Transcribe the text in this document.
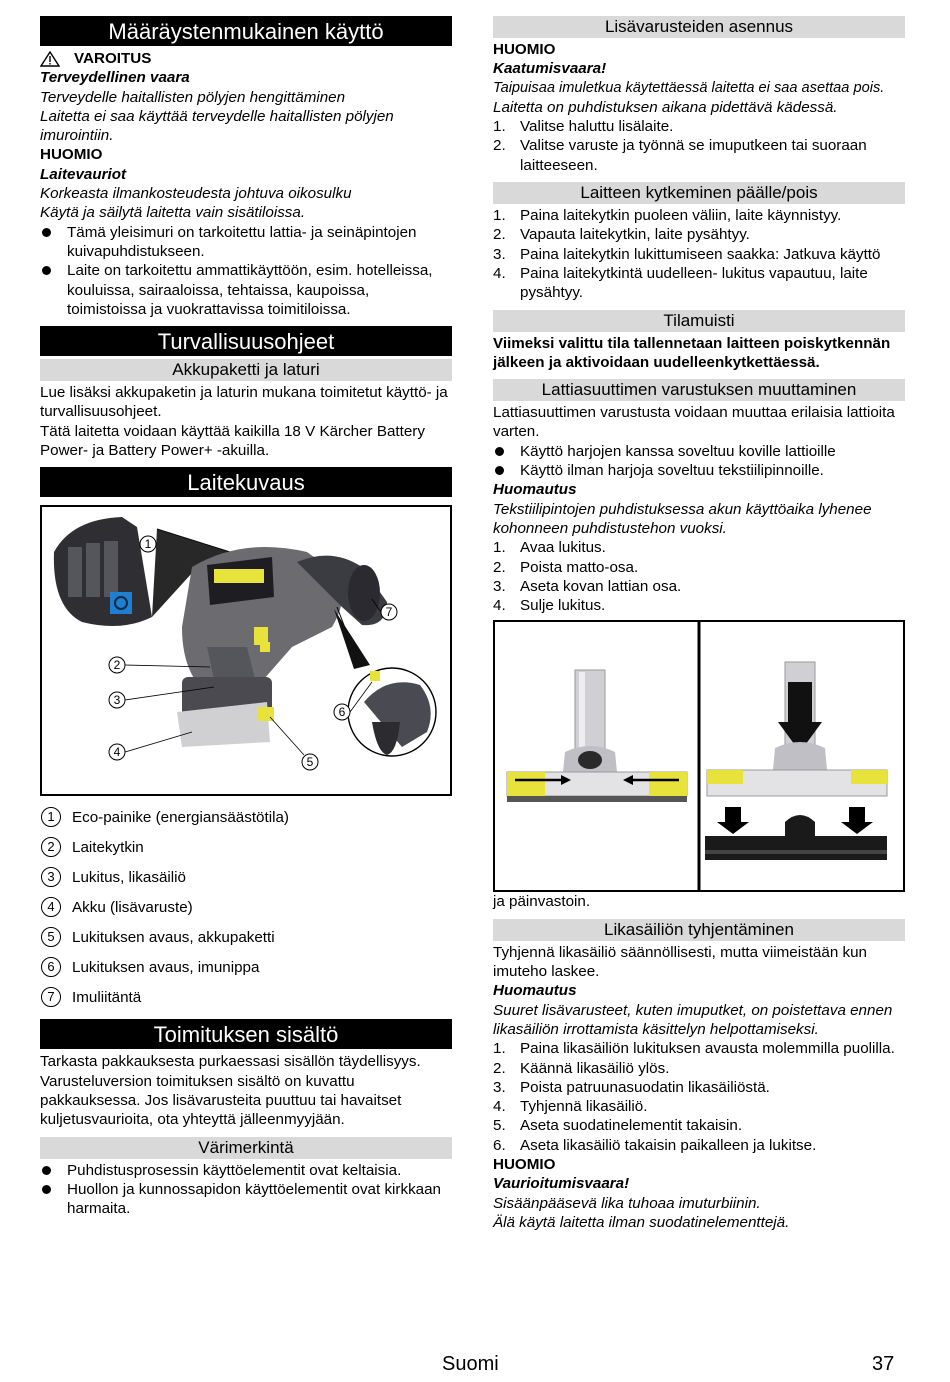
Määräystenmukainen käyttö
VAROITUS

Terveydellinen vaara

Terveydelle haitallisten pölyjen hengittäminen

Laitetta ei saa käyttää terveydelle haitallisten pölyjen imurointiin.

HUOMIO

Laitevauriot

Korkeasta ilmankosteudesta johtuva oikosulku

Käytä ja säilytä laitetta vain sisätiloissa.

Tämä yleisimuri on tarkoitettu lattia- ja seinäpintojen kuivapuhdistukseen.

Laite on tarkoitettu ammattikäyttöön, esim. hotelleissa, kouluissa, sairaaloissa, tehtaissa, kaupoissa, toimistoissa ja vuokrattavissa toimitiloissa.

Turvallisuusohjeet
Akkupaketti ja laturi

Lue lisäksi akkupaketin ja laturin mukana toimitetut käyttö- ja turvallisuusohjeet.

Tätä laitetta voidaan käyttää kaikilla 18 V Kärcher Battery Power- ja Battery Power+ -akuilla.

Laitekuvaus
1
2
3
4
5
6
7
1	Eco-painike (energiansäästötila)
2	Laitekytkin
3	Lukitus, likasäiliö
4	Akku (lisävaruste)
5	Lukituksen avaus, akkupaketti
6	Lukituksen avaus, imunippa
7	Imuliitäntä
Toimituksen sisältö

Tarkasta pakkauksesta purkaessasi sisällön täydellisyys. Varusteluversion toimituksen sisältö on kuvattu pakkauksessa. Jos lisävarusteita puuttuu tai havaitset kuljetusvaurioita, ota yhteyttä jälleenmyyjään.

Värimerkintä

Puhdistusprosessin käyttöelementit ovat keltaisia.

Huollon ja kunnossapidon käyttöelementit ovat kirkkaan harmaita.

Lisävarusteiden asennus

HUOMIO

Kaatumisvaara!

Taipuisaa imuletkua käytettäessä laitetta ei saa asettaa pois.

Laitetta on puhdistuksen aikana pidettävä kädessä.

1. Valitse haluttu lisälaite.

2. Valitse varuste ja työnnä se imuputkeen tai suoraan laitteeseen.

Laitteen kytkeminen päälle/pois

1. Paina laitekytkin puoleen väliin, laite käynnistyy.

2. Vapauta laitekytkin, laite pysähtyy.

3. Paina laitekytkin lukittumiseen saakka: Jatkuva käyttö

4. Paina laitekytkintä uudelleen- lukitus vapautuu, laite pysähtyy.

Tilamuisti

Viimeksi valittu tila tallennetaan laitteen poiskytkennän jälkeen ja aktivoidaan uudelleenkytkettäessä.

Lattiasuuttimen varustuksen muuttaminen

Lattiasuuttimen varustusta voidaan muuttaa erilaisia lattioita varten.

Käyttö harjojen kanssa soveltuu koville lattioille

Käyttö ilman harjoja soveltuu tekstiilipinnoille.

Huomautus

Tekstiilipintojen puhdistuksessa akun käyttöaika lyhenee kohonneen puhdistustehon vuoksi.

1. Avaa lukitus.

2. Poista matto-osa.

3. Aseta kovan lattian osa.

4. Sulje lukitus.

ja päinvastoin.

Likasäiliön tyhjentäminen

Tyhjennä likasäiliö säännöllisesti, mutta viimeistään kun imuteho laskee.

Huomautus

Suuret lisävarusteet, kuten imuputket, on poistettava ennen likasäiliön irrottamista käsittelyn helpottamiseksi.

1. Paina likasäiliön lukituksen avausta molemmilla puolilla.

2. Käännä likasäiliö ylös.

3. Poista patruunasuodatin likasäiliöstä.

4. Tyhjennä likasäiliö.

5. Aseta suodatinelementit takaisin.

6. Aseta likasäiliö takaisin paikalleen ja lukitse.

HUOMIO

Vaurioitumisvaara!

Sisäänpääsevä lika tuhoaa imuturbiinin.

Älä käytä laitetta ilman suodatinelementtejä.

Suomi	37
